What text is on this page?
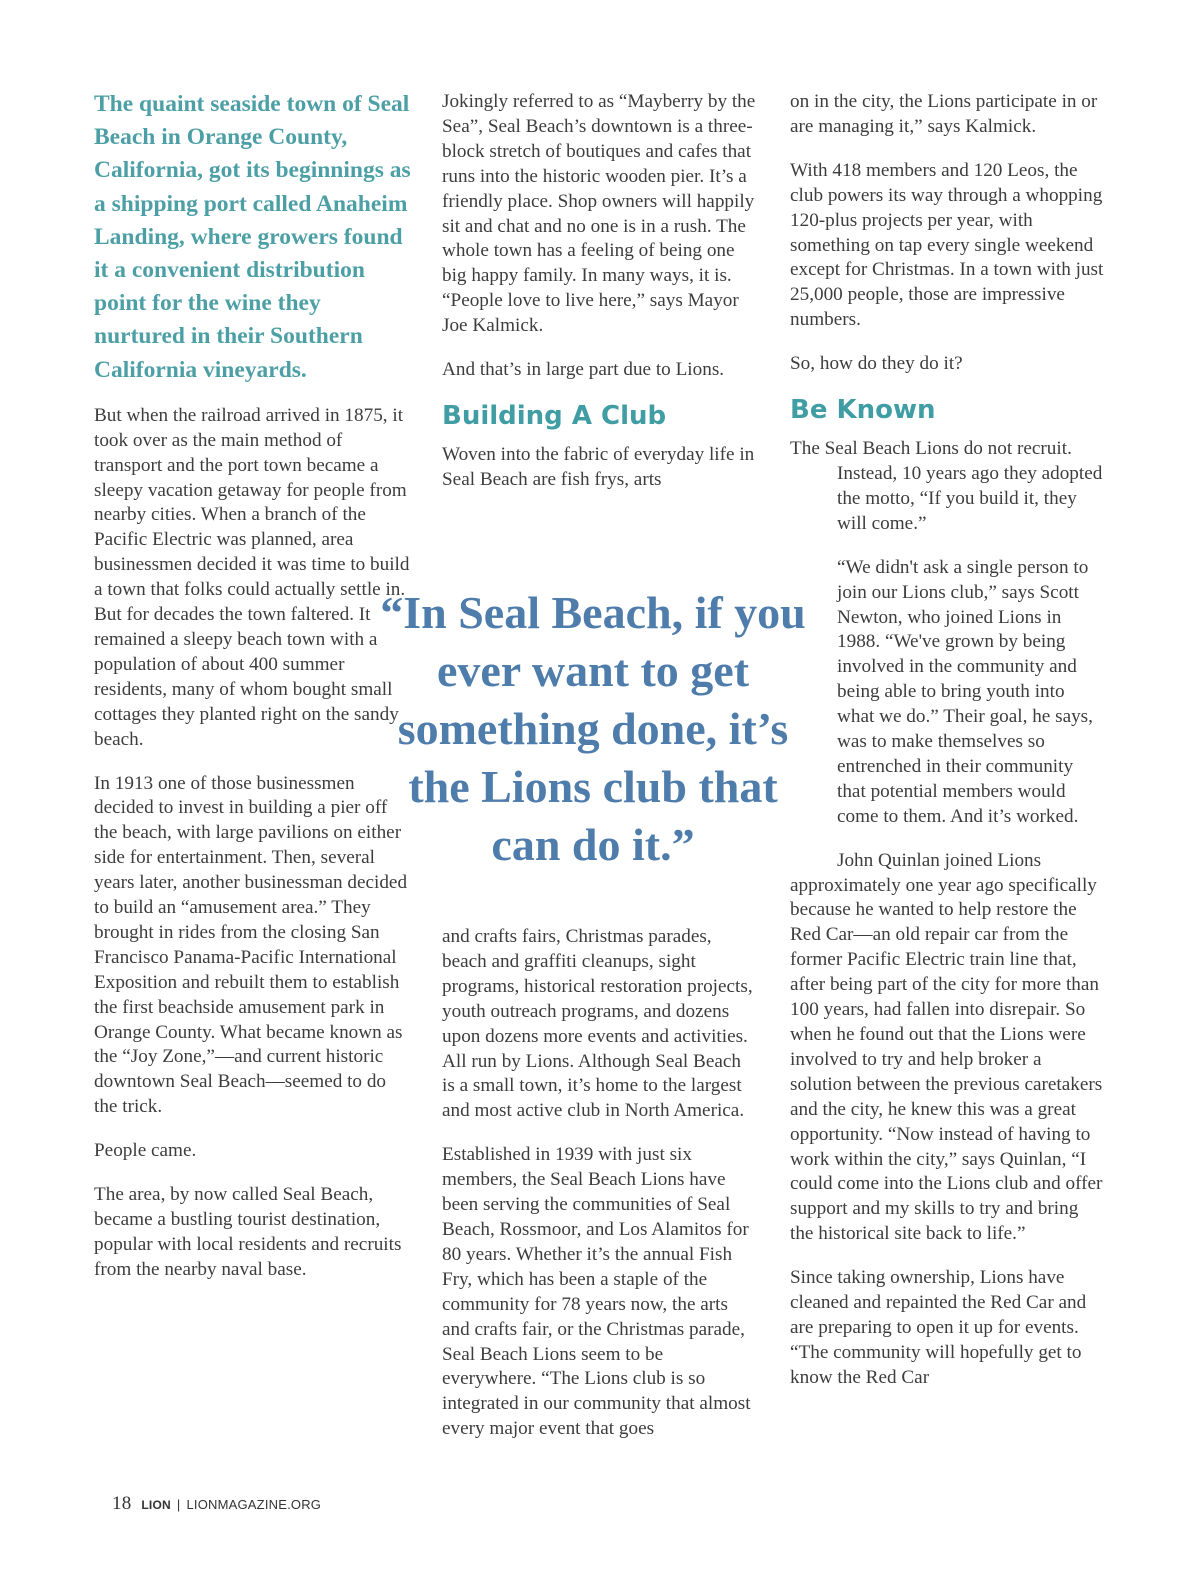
The quaint seaside town of Seal Beach in Orange County, California, got its beginnings as a shipping port called Anaheim Landing, where growers found it a convenient distribution point for the wine they nurtured in their Southern California vineyards.

But when the railroad arrived in 1875, it took over as the main method of transport and the port town became a sleepy vacation getaway for people from nearby cities. When a branch of the Pacific Electric was planned, area businessmen decided it was time to build a town that folks could actually settle in. But for decades the town faltered. It remained a sleepy beach town with a population of about 400 summer residents, many of whom bought small cottages they planted right on the sandy beach.

In 1913 one of those businessmen decided to invest in building a pier off the beach, with large pavilions on either side for entertainment. Then, several years later, another businessman decided to build an “amusement area.” They brought in rides from the closing San Francisco Panama-Pacific International Exposition and rebuilt them to establish the first beachside amusement park in Orange County. What became known as the “Joy Zone,”—and current historic downtown Seal Beach—seemed to do the trick.

People came.

The area, by now called Seal Beach, became a bustling tourist destination, popular with local residents and recruits from the nearby naval base.

Jokingly referred to as “Mayberry by the Sea”, Seal Beach’s downtown is a three-block stretch of boutiques and cafes that runs into the historic wooden pier. It’s a friendly place. Shop owners will happily sit and chat and no one is in a rush. The whole town has a feeling of being one big happy family. In many ways, it is. “People love to live here,” says Mayor Joe Kalmick.

And that’s in large part due to Lions.

Building A Club

Woven into the fabric of everyday life in Seal Beach are fish frys, arts

“In Seal Beach, if you ever want to get something done, it’s the Lions club that can do it.”

and crafts fairs, Christmas parades, beach and graffiti cleanups, sight programs, historical restoration projects, youth outreach programs, and dozens upon dozens more events and activities. All run by Lions. Although Seal Beach is a small town, it’s home to the largest and most active club in North America.

Established in 1939 with just six members, the Seal Beach Lions have been serving the communities of Seal Beach, Rossmoor, and Los Alamitos for 80 years. Whether it’s the annual Fish Fry, which has been a staple of the community for 78 years now, the arts and crafts fair, or the Christmas parade, Seal Beach Lions seem to be everywhere. “The Lions club is so integrated in our community that almost every major event that goes

on in the city, the Lions participate in or are managing it,” says Kalmick.

With 418 members and 120 Leos, the club powers its way through a whopping 120-plus projects per year, with something on tap every single weekend except for Christmas. In a town with just 25,000 people, those are impressive numbers.

So, how do they do it?

Be Known

The Seal Beach Lions do not recruit. Instead, 10 years ago they adopted the motto, “If you build it, they will come.”

“We didn't ask a single person to join our Lions club,” says Scott Newton, who joined Lions in 1988. “We've grown by being involved in the community and being able to bring youth into what we do.” Their goal, he says, was to make themselves so entrenched in their community that potential members would come to them. And it’s worked.

John Quinlan joined Lions approximately one year ago specifically because he wanted to help restore the Red Car—an old repair car from the former Pacific Electric train line that, after being part of the city for more than 100 years, had fallen into disrepair. So when he found out that the Lions were involved to try and help broker a solution between the previous caretakers and the city, he knew this was a great opportunity. “Now instead of having to work within the city,” says Quinlan, “I could come into the Lions club and offer support and my skills to try and bring the historical site back to life.”

Since taking ownership, Lions have cleaned and repainted the Red Car and are preparing to open it up for events. “The community will hopefully get to know the Red Car

18 LION | LIONMAGAZINE.ORG
